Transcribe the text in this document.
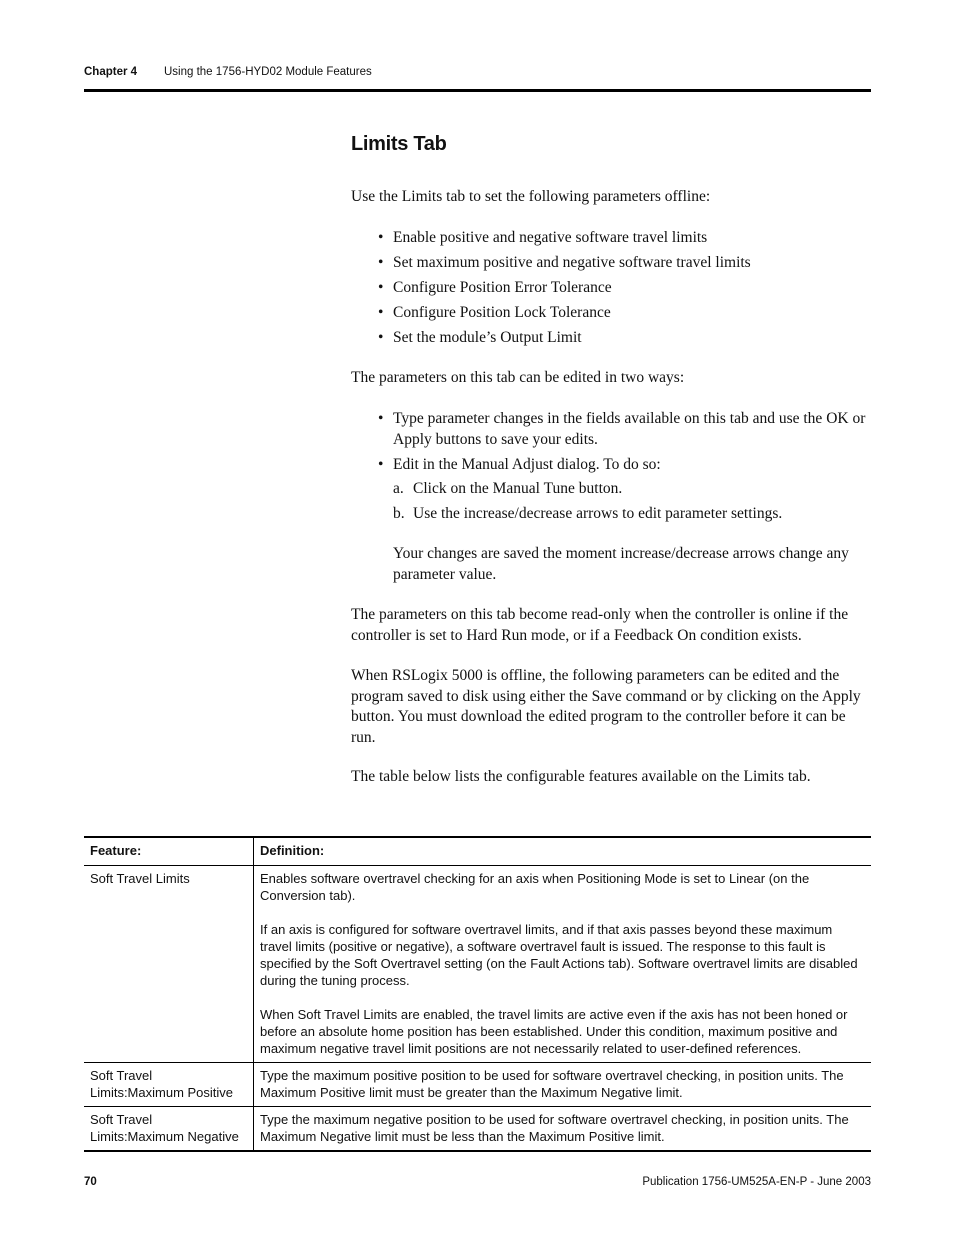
Chapter 4 Using the 1756-HYD02 Module Features
Limits Tab

Use the Limits tab to set the following parameters offline:

• Enable positive and negative software travel limits
• Set maximum positive and negative software travel limits
• Configure Position Error Tolerance
• Configure Position Lock Tolerance
• Set the module’s Output Limit

The parameters on this tab can be edited in two ways:

• Type parameter changes in the fields available on this tab and use the OK or Apply buttons to save your edits.
• Edit in the Manual Adjust dialog. To do so:
a. Click on the Manual Tune button.
b. Use the increase/decrease arrows to edit parameter settings.

Your changes are saved the moment increase/decrease arrows change any parameter value.

The parameters on this tab become read-only when the controller is online if the controller is set to Hard Run mode, or if a Feedback On condition exists.

When RSLogix 5000 is offline, the following parameters can be edited and the program saved to disk using either the Save command or by clicking on the Apply button. You must download the edited program to the controller before it can be run.

The table below lists the configurable features available on the Limits tab.

Feature:	Definition:
Soft Travel Limits	Enables software overtravel checking for an axis when Positioning Mode is set to Linear (on the Conversion tab).

If an axis is configured for software overtravel limits, and if that axis passes beyond these maximum travel limits (positive or negative), a software overtravel fault is issued. The response to this fault is specified by the Soft Overtravel setting (on the Fault Actions tab). Software overtravel limits are disabled during the tuning process.

When Soft Travel Limits are enabled, the travel limits are active even if the axis has not been honed or before an absolute home position has been established. Under this condition, maximum positive and maximum negative travel limit positions are not necessarily related to user-defined references.

Soft Travel Limits:Maximum Positive	Type the maximum positive position to be used for software overtravel checking, in position units. The Maximum Positive limit must be greater than the Maximum Negative limit.

Soft Travel Limits:Maximum Negative	Type the maximum negative position to be used for software overtravel checking, in position units. The Maximum Negative limit must be less than the Maximum Positive limit.

70	Publication 1756-UM525A-EN-P - June 2003
